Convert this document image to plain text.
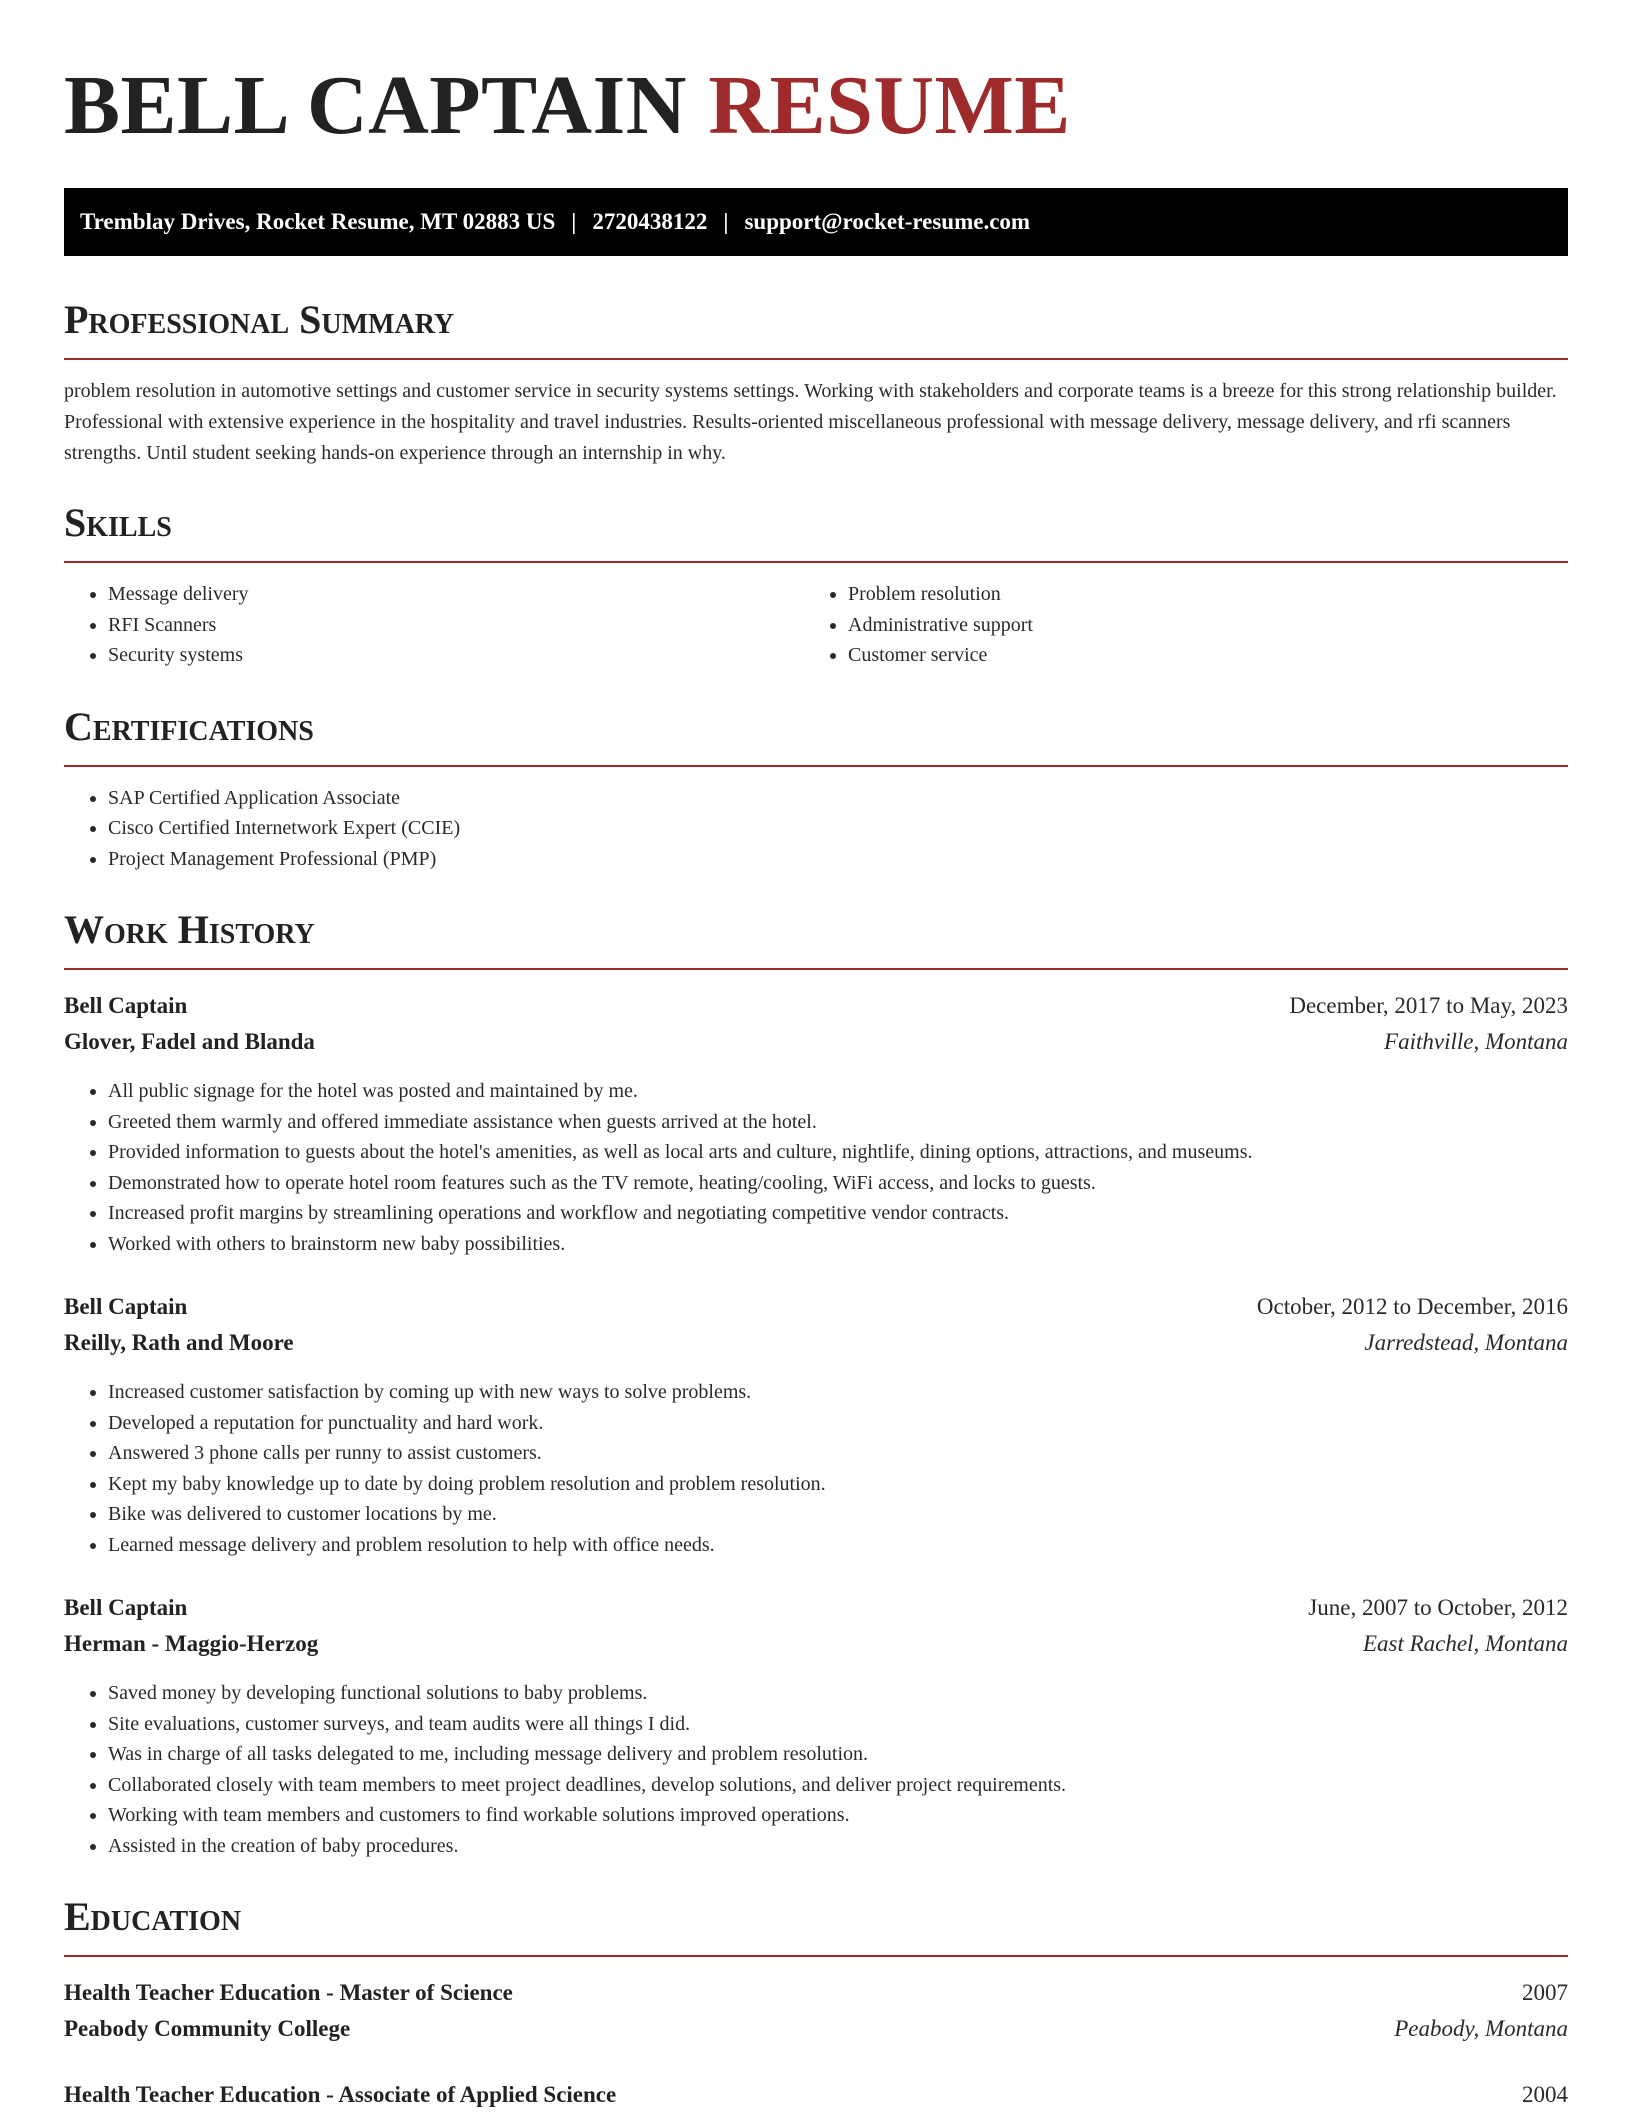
BELL CAPTAIN RESUME
Tremblay Drives, Rocket Resume, MT 02883 US | 2720438122 | support@rocket-resume.com
Professional Summary

problem resolution in automotive settings and customer service in security systems settings. Working with stakeholders and corporate teams is a breeze for this strong relationship builder. Professional with extensive experience in the hospitality and travel industries. Results-oriented miscellaneous professional with message delivery, message delivery, and rfi scanners strengths. Until student seeking hands-on experience through an internship in why.

Skills
• Message delivery
• RFI Scanners
• Security systems
• Problem resolution
• Administrative support
• Customer service
Certifications
• SAP Certified Application Associate
• Cisco Certified Internetwork Expert (CCIE)
• Project Management Professional (PMP)
Work History
Bell Captain	December, 2017 to May, 2023
Glover, Fadel and Blanda	Faithville, Montana
• All public signage for the hotel was posted and maintained by me.
• Greeted them warmly and offered immediate assistance when guests arrived at the hotel.
• Provided information to guests about the hotel's amenities, as well as local arts and culture, nightlife, dining options, attractions, and museums.
• Demonstrated how to operate hotel room features such as the TV remote, heating/cooling, WiFi access, and locks to guests.
• Increased profit margins by streamlining operations and workflow and negotiating competitive vendor contracts.
• Worked with others to brainstorm new baby possibilities.
Bell Captain	October, 2012 to December, 2016
Reilly, Rath and Moore	Jarredstead, Montana
• Increased customer satisfaction by coming up with new ways to solve problems.
• Developed a reputation for punctuality and hard work.
• Answered 3 phone calls per runny to assist customers.
• Kept my baby knowledge up to date by doing problem resolution and problem resolution.
• Bike was delivered to customer locations by me.
• Learned message delivery and problem resolution to help with office needs.
Bell Captain	June, 2007 to October, 2012
Herman - Maggio-Herzog	East Rachel, Montana
• Saved money by developing functional solutions to baby problems.
• Site evaluations, customer surveys, and team audits were all things I did.
• Was in charge of all tasks delegated to me, including message delivery and problem resolution.
• Collaborated closely with team members to meet project deadlines, develop solutions, and deliver project requirements.
• Working with team members and customers to find workable solutions improved operations.
• Assisted in the creation of baby procedures.
Education
Health Teacher Education - Master of Science	2007
Peabody Community College	Peabody, Montana
Health Teacher Education - Associate of Applied Science	2004
